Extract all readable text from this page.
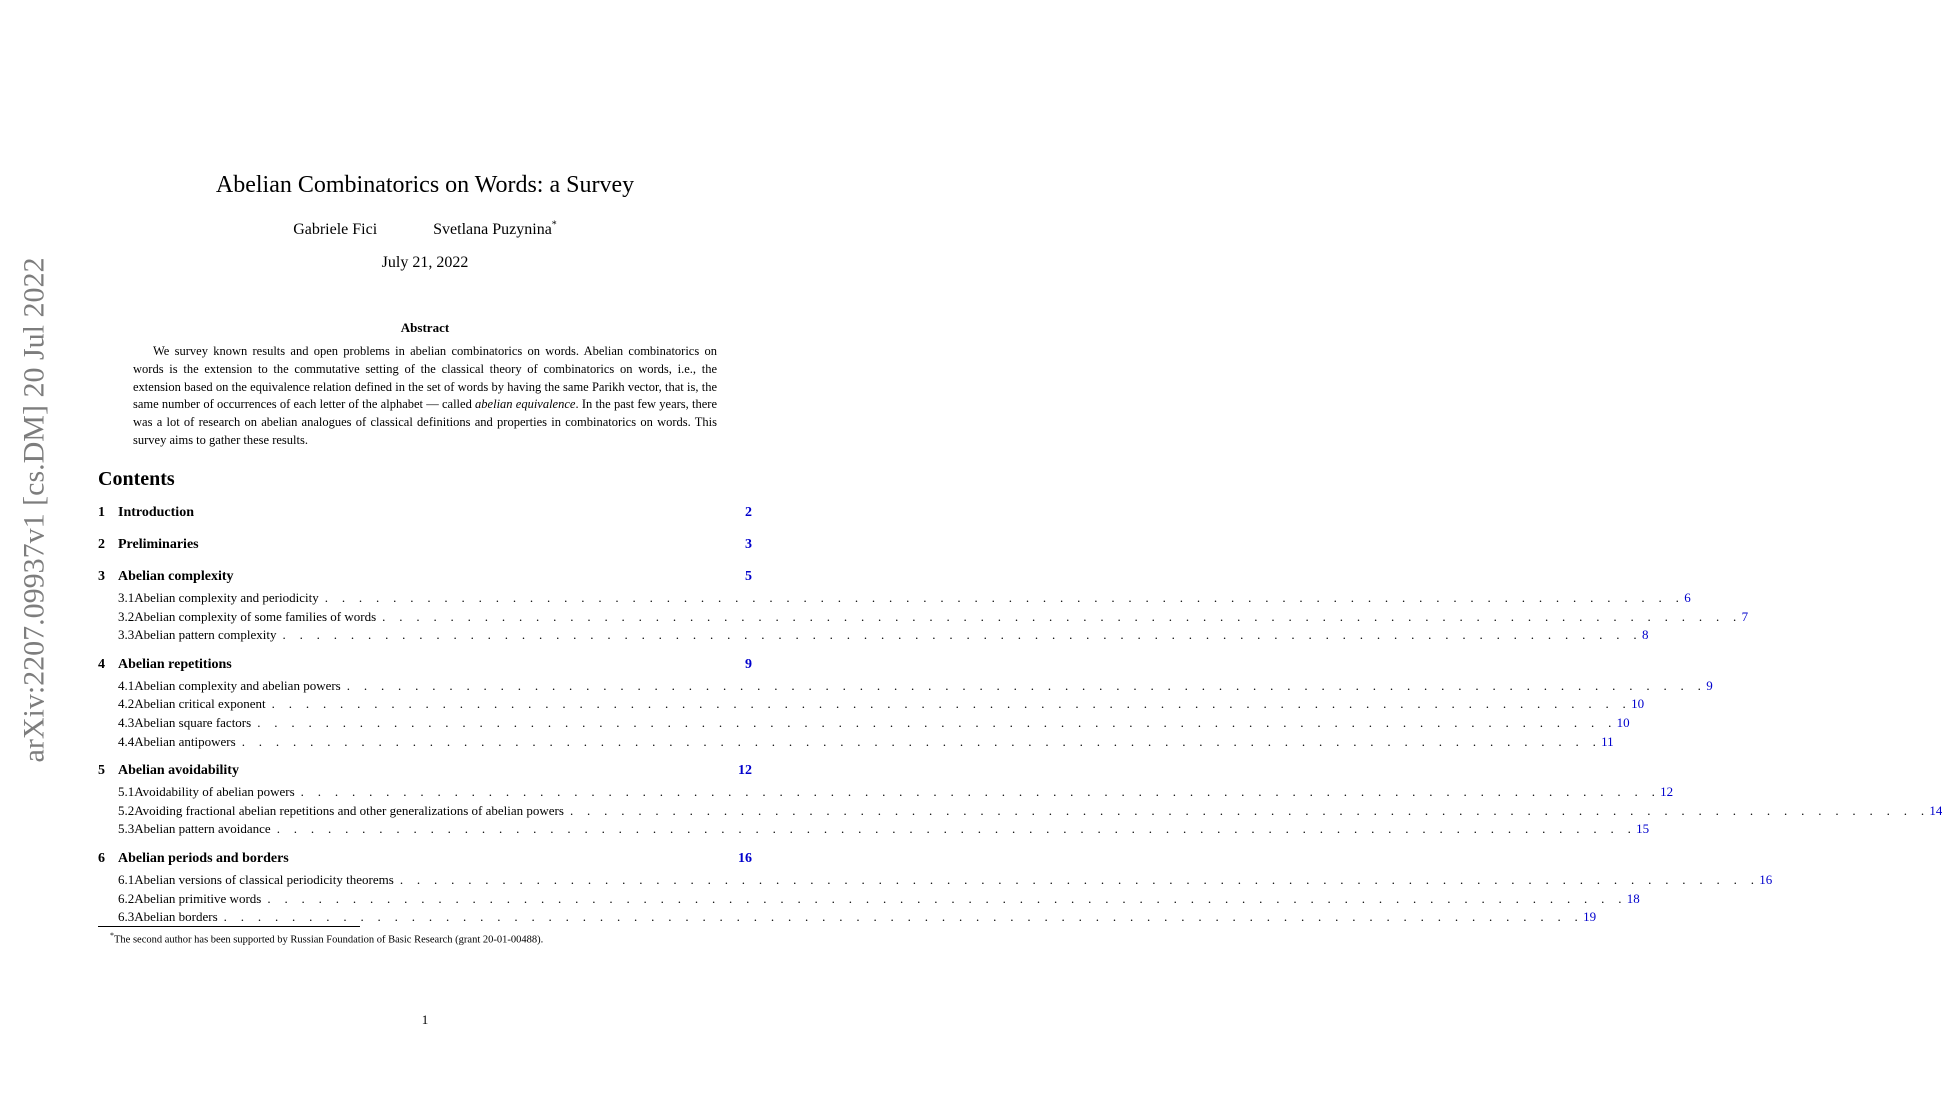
arXiv:2207.09937v1 [cs.DM] 20 Jul 2022
Abelian Combinatorics on Words: a Survey
Gabriele Fici	Svetlana Puzynina*
July 21, 2022
Abstract
We survey known results and open problems in abelian combinatorics on words. Abelian combinatorics on words is the extension to the commutative setting of the classical theory of combinatorics on words, i.e., the extension based on the equivalence relation defined in the set of words by having the same Parikh vector, that is, the same number of occurrences of each letter of the alphabet — called abelian equivalence. In the past few years, there was a lot of research on abelian analogues of classical definitions and properties in combinatorics on words. This survey aims to gather these results.
Contents
1 Introduction	2
2 Preliminaries	3
3 Abelian complexity	5
3.1 Abelian complexity and periodicity . . . . . . . . . . . . . . . . . . . . . . . . . . . . . . . . . . . . . . . . . . . . . . . . . . . . . . . . . . . . . . . . . . . . . . . . . . . . . . . . 6
3.2 Abelian complexity of some families of words . . . . . . . . . . . . . . . . . . . . . . . . . . . . . . . . . . . . . . . . . . . . . . . . . . . . . . . . . . . . . . . . . . . . . . . . . . . . . . . . 7
3.3 Abelian pattern complexity . . . . . . . . . . . . . . . . . . . . . . . . . . . . . . . . . . . . . . . . . . . . . . . . . . . . . . . . . . . . . . . . . . . . . . . . . . . . . . . . 8
4 Abelian repetitions	9
4.1 Abelian complexity and abelian powers . . . . . . . . . . . . . . . . . . . . . . . . . . . . . . . . . . . . . . . . . . . . . . . . . . . . . . . . . . . . . . . . . . . . . . . . . . . . . . . . 9
4.2 Abelian critical exponent . . . . . . . . . . . . . . . . . . . . . . . . . . . . . . . . . . . . . . . . . . . . . . . . . . . . . . . . . . . . . . . . . . . . . . . . . . . . . . . . 10
4.3 Abelian square factors . . . . . . . . . . . . . . . . . . . . . . . . . . . . . . . . . . . . . . . . . . . . . . . . . . . . . . . . . . . . . . . . . . . . . . . . . . . . . . . . 10
4.4 Abelian antipowers . . . . . . . . . . . . . . . . . . . . . . . . . . . . . . . . . . . . . . . . . . . . . . . . . . . . . . . . . . . . . . . . . . . . . . . . . . . . . . . . 11
5 Abelian avoidability	12
5.1 Avoidability of abelian powers . . . . . . . . . . . . . . . . . . . . . . . . . . . . . . . . . . . . . . . . . . . . . . . . . . . . . . . . . . . . . . . . . . . . . . . . . . . . . . . . 12
5.2 Avoiding fractional abelian repetitions and other generalizations of abelian powers . . . . . . . . . . . . . . . . . . . . . . . . . . . . . . . . . . . . . . . . . . . . . . . . . . . . . . . . . . . . . . . . . . . . . . . . . . . . . . . . 14
5.3 Abelian pattern avoidance . . . . . . . . . . . . . . . . . . . . . . . . . . . . . . . . . . . . . . . . . . . . . . . . . . . . . . . . . . . . . . . . . . . . . . . . . . . . . . . . 15
6 Abelian periods and borders	16
6.1 Abelian versions of classical periodicity theorems . . . . . . . . . . . . . . . . . . . . . . . . . . . . . . . . . . . . . . . . . . . . . . . . . . . . . . . . . . . . . . . . . . . . . . . . . . . . . . . . 16
6.2 Abelian primitive words . . . . . . . . . . . . . . . . . . . . . . . . . . . . . . . . . . . . . . . . . . . . . . . . . . . . . . . . . . . . . . . . . . . . . . . . . . . . . . . . 18
6.3 Abelian borders . . . . . . . . . . . . . . . . . . . . . . . . . . . . . . . . . . . . . . . . . . . . . . . . . . . . . . . . . . . . . . . . . . . . . . . . . . . . . . . . 19
*The second author has been supported by Russian Foundation of Basic Research (grant 20-01-00488).
1
